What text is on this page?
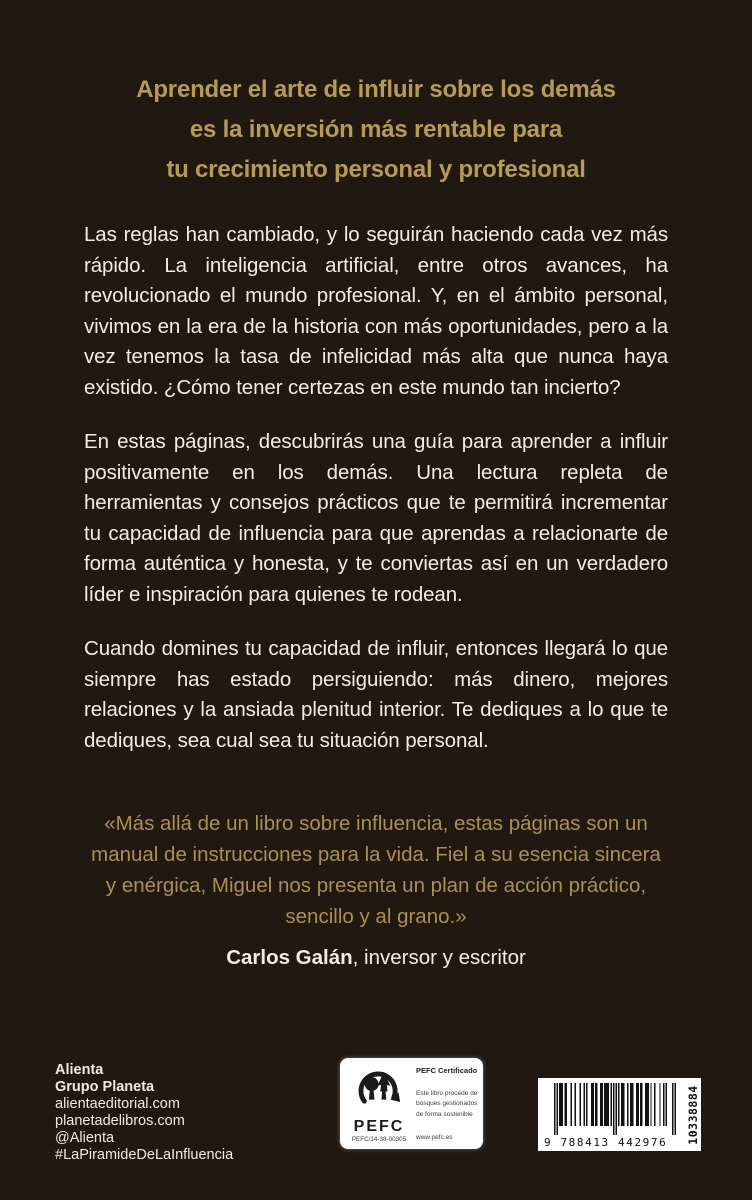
Aprender el arte de influir sobre los demás
es la inversión más rentable para
tu crecimiento personal y profesional

Las reglas han cambiado, y lo seguirán haciendo cada vez más rápido. La inteligencia artificial, entre otros avances, ha revolucionado el mundo profesional. Y, en el ámbito personal, vivimos en la era de la historia con más oportunidades, pero a la vez tenemos la tasa de infelicidad más alta que nunca haya existido. ¿Cómo tener certezas en este mundo tan incierto?

En estas páginas, descubrirás una guía para aprender a influir positivamente en los demás. Una lectura repleta de herramientas y consejos prácticos que te permitirá incrementar tu capacidad de influencia para que aprendas a relacionarte de forma auténtica y honesta, y te conviertas así en un verdadero líder e inspiración para quienes te rodean.

Cuando domines tu capacidad de influir, entonces llegará lo que siempre has estado persiguiendo: más dinero, mejores relaciones y la ansiada plenitud interior. Te dediques a lo que te dediques, sea cual sea tu situación personal.

«Más allá de un libro sobre influencia, estas páginas son un manual de instrucciones para la vida. Fiel a su esencia sincera y enérgica, Miguel nos presenta un plan de acción práctico, sencillo y al grano.»

Carlos Galán, inversor y escritor

Alienta
Grupo Planeta
alientaeditorial.com
planetadelibros.com
@Alienta
#LaPiramideDeLaInfluencia
PEFC
PEFC/14-38-00305
PEFC Certificado
Este libro procede de bosques gestionados de forma sostenible
www.pefc.es	9 788413 442976	10338884
